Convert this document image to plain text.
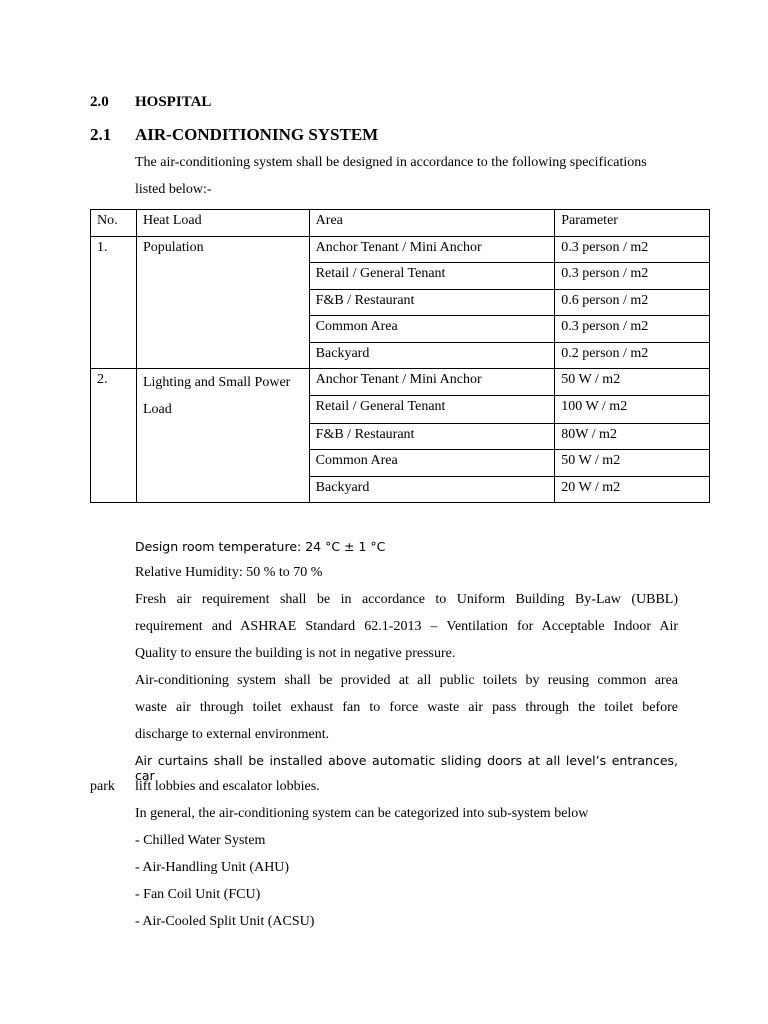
2.0 HOSPITAL
2.1 AIR-CONDITIONING SYSTEM
The air-conditioning system shall be designed in accordance to the following specifications
listed below:-
No.	Heat Load	Area	Parameter
1.	Population	Anchor Tenant / Mini Anchor	0.3 person / m2
		Retail / General Tenant	0.3 person / m2
		F&B / Restaurant	0.6 person / m2
		Common Area	0.3 person / m2
		Backyard	0.2 person / m2
2.	Lighting and Small Power Load	Anchor Tenant / Mini Anchor	50 W / m2
		Retail / General Tenant	100 W / m2
		F&B / Restaurant	80W / m2
		Common Area	50 W / m2
		Backyard	20 W / m2
Design room temperature: 24 °C ± 1 °C
Relative Humidity: 50 % to 70 %
Fresh air requirement shall be in accordance to Uniform Building By-Law (UBBL)
requirement and ASHRAE Standard 62.1-2013 – Ventilation for Acceptable Indoor Air
Quality to ensure the building is not in negative pressure.
Air-conditioning system shall be provided at all public toilets by reusing common area
waste air through toilet exhaust fan to force waste air pass through the toilet before
discharge to external environment.
Air curtains shall be installed above automatic sliding doors at all level’s entrances, car
park lift lobbies and escalator lobbies.
In general, the air-conditioning system can be categorized into sub-system below
- Chilled Water System
- Air-Handling Unit (AHU)
- Fan Coil Unit (FCU)
- Air-Cooled Split Unit (ACSU)
